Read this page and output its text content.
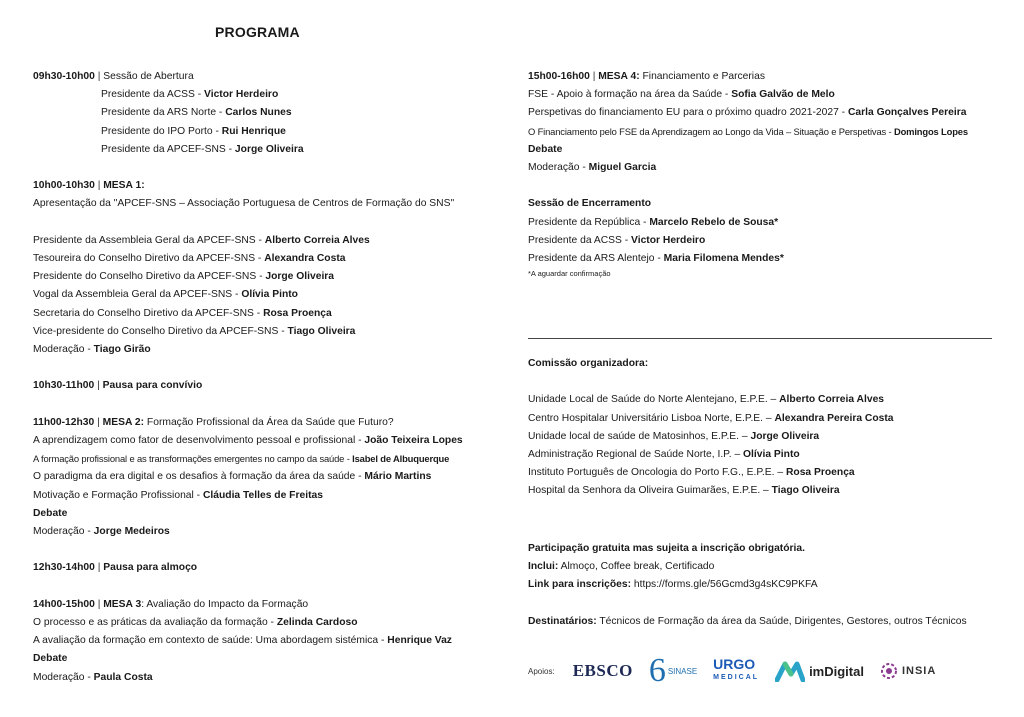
PROGRAMA
09h30-10h00 | Sessão de Abertura
Presidente da ACSS - Victor Herdeiro
Presidente da ARS Norte - Carlos Nunes
Presidente do IPO Porto - Rui Henrique
Presidente da APCEF-SNS - Jorge Oliveira
10h00-10h30 | MESA 1:
Apresentação da "APCEF-SNS – Associação Portuguesa de Centros de Formação do SNS"
Presidente da Assembleia Geral da APCEF-SNS - Alberto Correia Alves
Tesoureira do Conselho Diretivo da APCEF-SNS - Alexandra Costa
Presidente do Conselho Diretivo da APCEF-SNS - Jorge Oliveira
Vogal da Assembleia Geral da APCEF-SNS - Olívia Pinto
Secretaria do Conselho Diretivo da APCEF-SNS - Rosa Proença
Vice-presidente do Conselho Diretivo da APCEF-SNS - Tiago Oliveira
Moderação - Tiago Girão
10h30-11h00 | Pausa para convívio
11h00-12h30 | MESA 2: Formação Profissional da Área da Saúde que Futuro?
A aprendizagem como fator de desenvolvimento pessoal e profissional - João Teixeira Lopes
A formação profissional e as transformações emergentes no campo da saúde - Isabel de Albuquerque
O paradigma da era digital e os desafios à formação da área da saúde - Mário Martins
Motivação e Formação Profissional - Cláudia Telles de Freitas
Debate
Moderação - Jorge Medeiros
12h30-14h00 | Pausa para almoço
14h00-15h00 | MESA 3: Avaliação do Impacto da Formação
O processo e as práticas da avaliação da formação - Zelinda Cardoso
A avaliação da formação em contexto de saúde: Uma abordagem sistémica - Henrique Vaz
Debate
Moderação - Paula Costa
15h00-16h00 | MESA 4: Financiamento e Parcerias
FSE - Apoio à formação na área da Saúde - Sofia Galvão de Melo
Perspetivas do financiamento EU para o próximo quadro 2021-2027 - Carla Gonçalves Pereira
O Financiamento pelo FSE da Aprendizagem ao Longo da Vida – Situação e Perspetivas - Domingos Lopes
Debate
Moderação - Miguel Garcia
Sessão de Encerramento
Presidente da República - Marcelo Rebelo de Sousa*
Presidente da ACSS - Victor Herdeiro
Presidente da ARS Alentejo - Maria Filomena Mendes*
*A aguardar confirmação
Comissão organizadora:
Unidade Local de Saúde do Norte Alentejano, E.P.E. – Alberto Correia Alves
Centro Hospitalar Universitário Lisboa Norte, E.P.E. – Alexandra Pereira Costa
Unidade local de saúde de Matosinhos, E.P.E. – Jorge Oliveira
Administração Regional de Saúde Norte, I.P. – Olívia Pinto
Instituto Português de Oncologia do Porto F.G., E.P.E. – Rosa Proença
Hospital da Senhora da Oliveira Guimarães, E.P.E. – Tiago Oliveira
Participação gratuita mas sujeita a inscrição obrigatória.
Inclui: Almoço, Coffee break, Certificado
Link para inscrições: https://forms.gle/56Gcmd3g4sKC9PKFA
Destinatários: Técnicos de Formação da área da Saúde, Dirigentes, Gestores, outros Técnicos
Apoios: EBSCO 6 SINASE URGO
MEDICAL	imDigital	INSIA
